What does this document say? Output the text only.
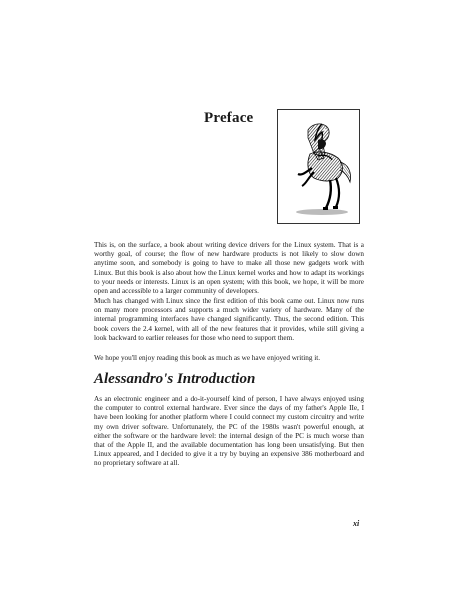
Preface

This is, on the surface, a book about writing device drivers for the Linux system. That is a worthy goal, of course; the flow of new hardware products is not likely to slow down anytime soon, and somebody is going to have to make all those new gadgets work with Linux. But this book is also about how the Linux kernel works and how to adapt its workings to your needs or interests. Linux is an open system; with this book, we hope, it will be more open and accessible to a larger community of developers.

Much has changed with Linux since the first edition of this book came out. Linux now runs on many more processors and supports a much wider variety of hardware. Many of the internal programming interfaces have changed significantly. Thus, the second edition. This book covers the 2.4 kernel, with all of the new features that it provides, while still giving a look backward to earlier releases for those who need to support them.

We hope you'll enjoy reading this book as much as we have enjoyed writing it.

Alessandro's Introduction

As an electronic engineer and a do-it-yourself kind of person, I have always enjoyed using the computer to control external hardware. Ever since the days of my father's Apple IIe, I have been looking for another platform where I could connect my custom circuitry and write my own driver software. Unfortunately, the PC of the 1980s wasn't powerful enough, at either the software or the hardware level: the internal design of the PC is much worse than that of the Apple II, and the available documentation has long been unsatisfying. But then Linux appeared, and I decided to give it a try by buying an expensive 386 motherboard and no proprietary software at all.

xi
